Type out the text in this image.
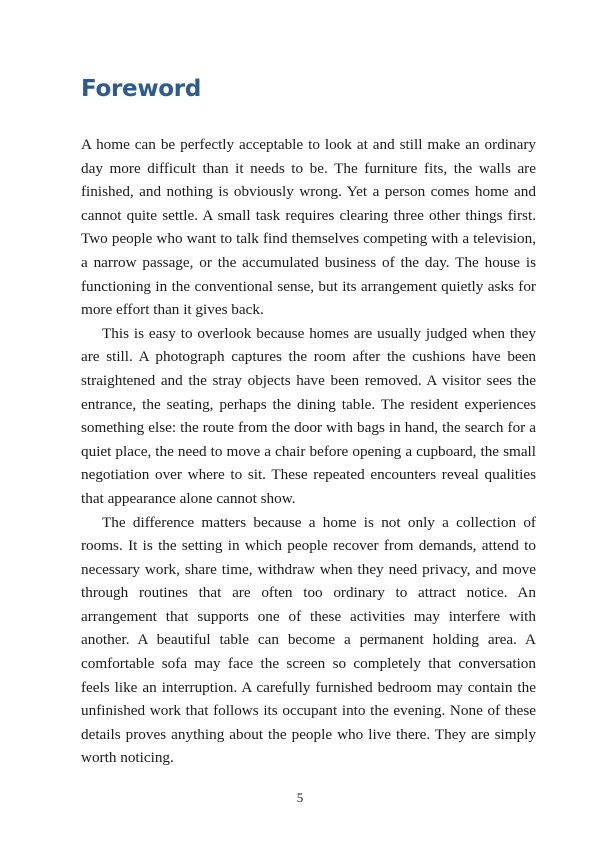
Foreword

A home can be perfectly acceptable to look at and still make an ordinary day more difficult than it needs to be. The furniture fits, the walls are finished, and nothing is obviously wrong. Yet a person comes home and cannot quite settle. A small task requires clearing three other things first. Two people who want to talk find themselves competing with a television, a narrow passage, or the accumulated business of the day. The house is functioning in the conventional sense, but its arrangement quietly asks for more effort than it gives back.

This is easy to overlook because homes are usually judged when they are still. A photograph captures the room after the cushions have been straightened and the stray objects have been removed. A visitor sees the entrance, the seating, perhaps the dining table. The resident experiences something else: the route from the door with bags in hand, the search for a quiet place, the need to move a chair before opening a cupboard, the small negotiation over where to sit. These repeated encounters reveal qualities that appearance alone cannot show.

The difference matters because a home is not only a collection of rooms. It is the setting in which people recover from demands, attend to necessary work, share time, withdraw when they need privacy, and move through routines that are often too ordinary to attract notice. An arrangement that supports one of these activities may interfere with another. A beautiful table can become a permanent holding area. A comfortable sofa may face the screen so completely that conversation feels like an interruption. A carefully furnished bedroom may contain the unfinished work that follows its occupant into the evening. None of these details proves anything about the people who live there. They are simply worth noticing.

5
